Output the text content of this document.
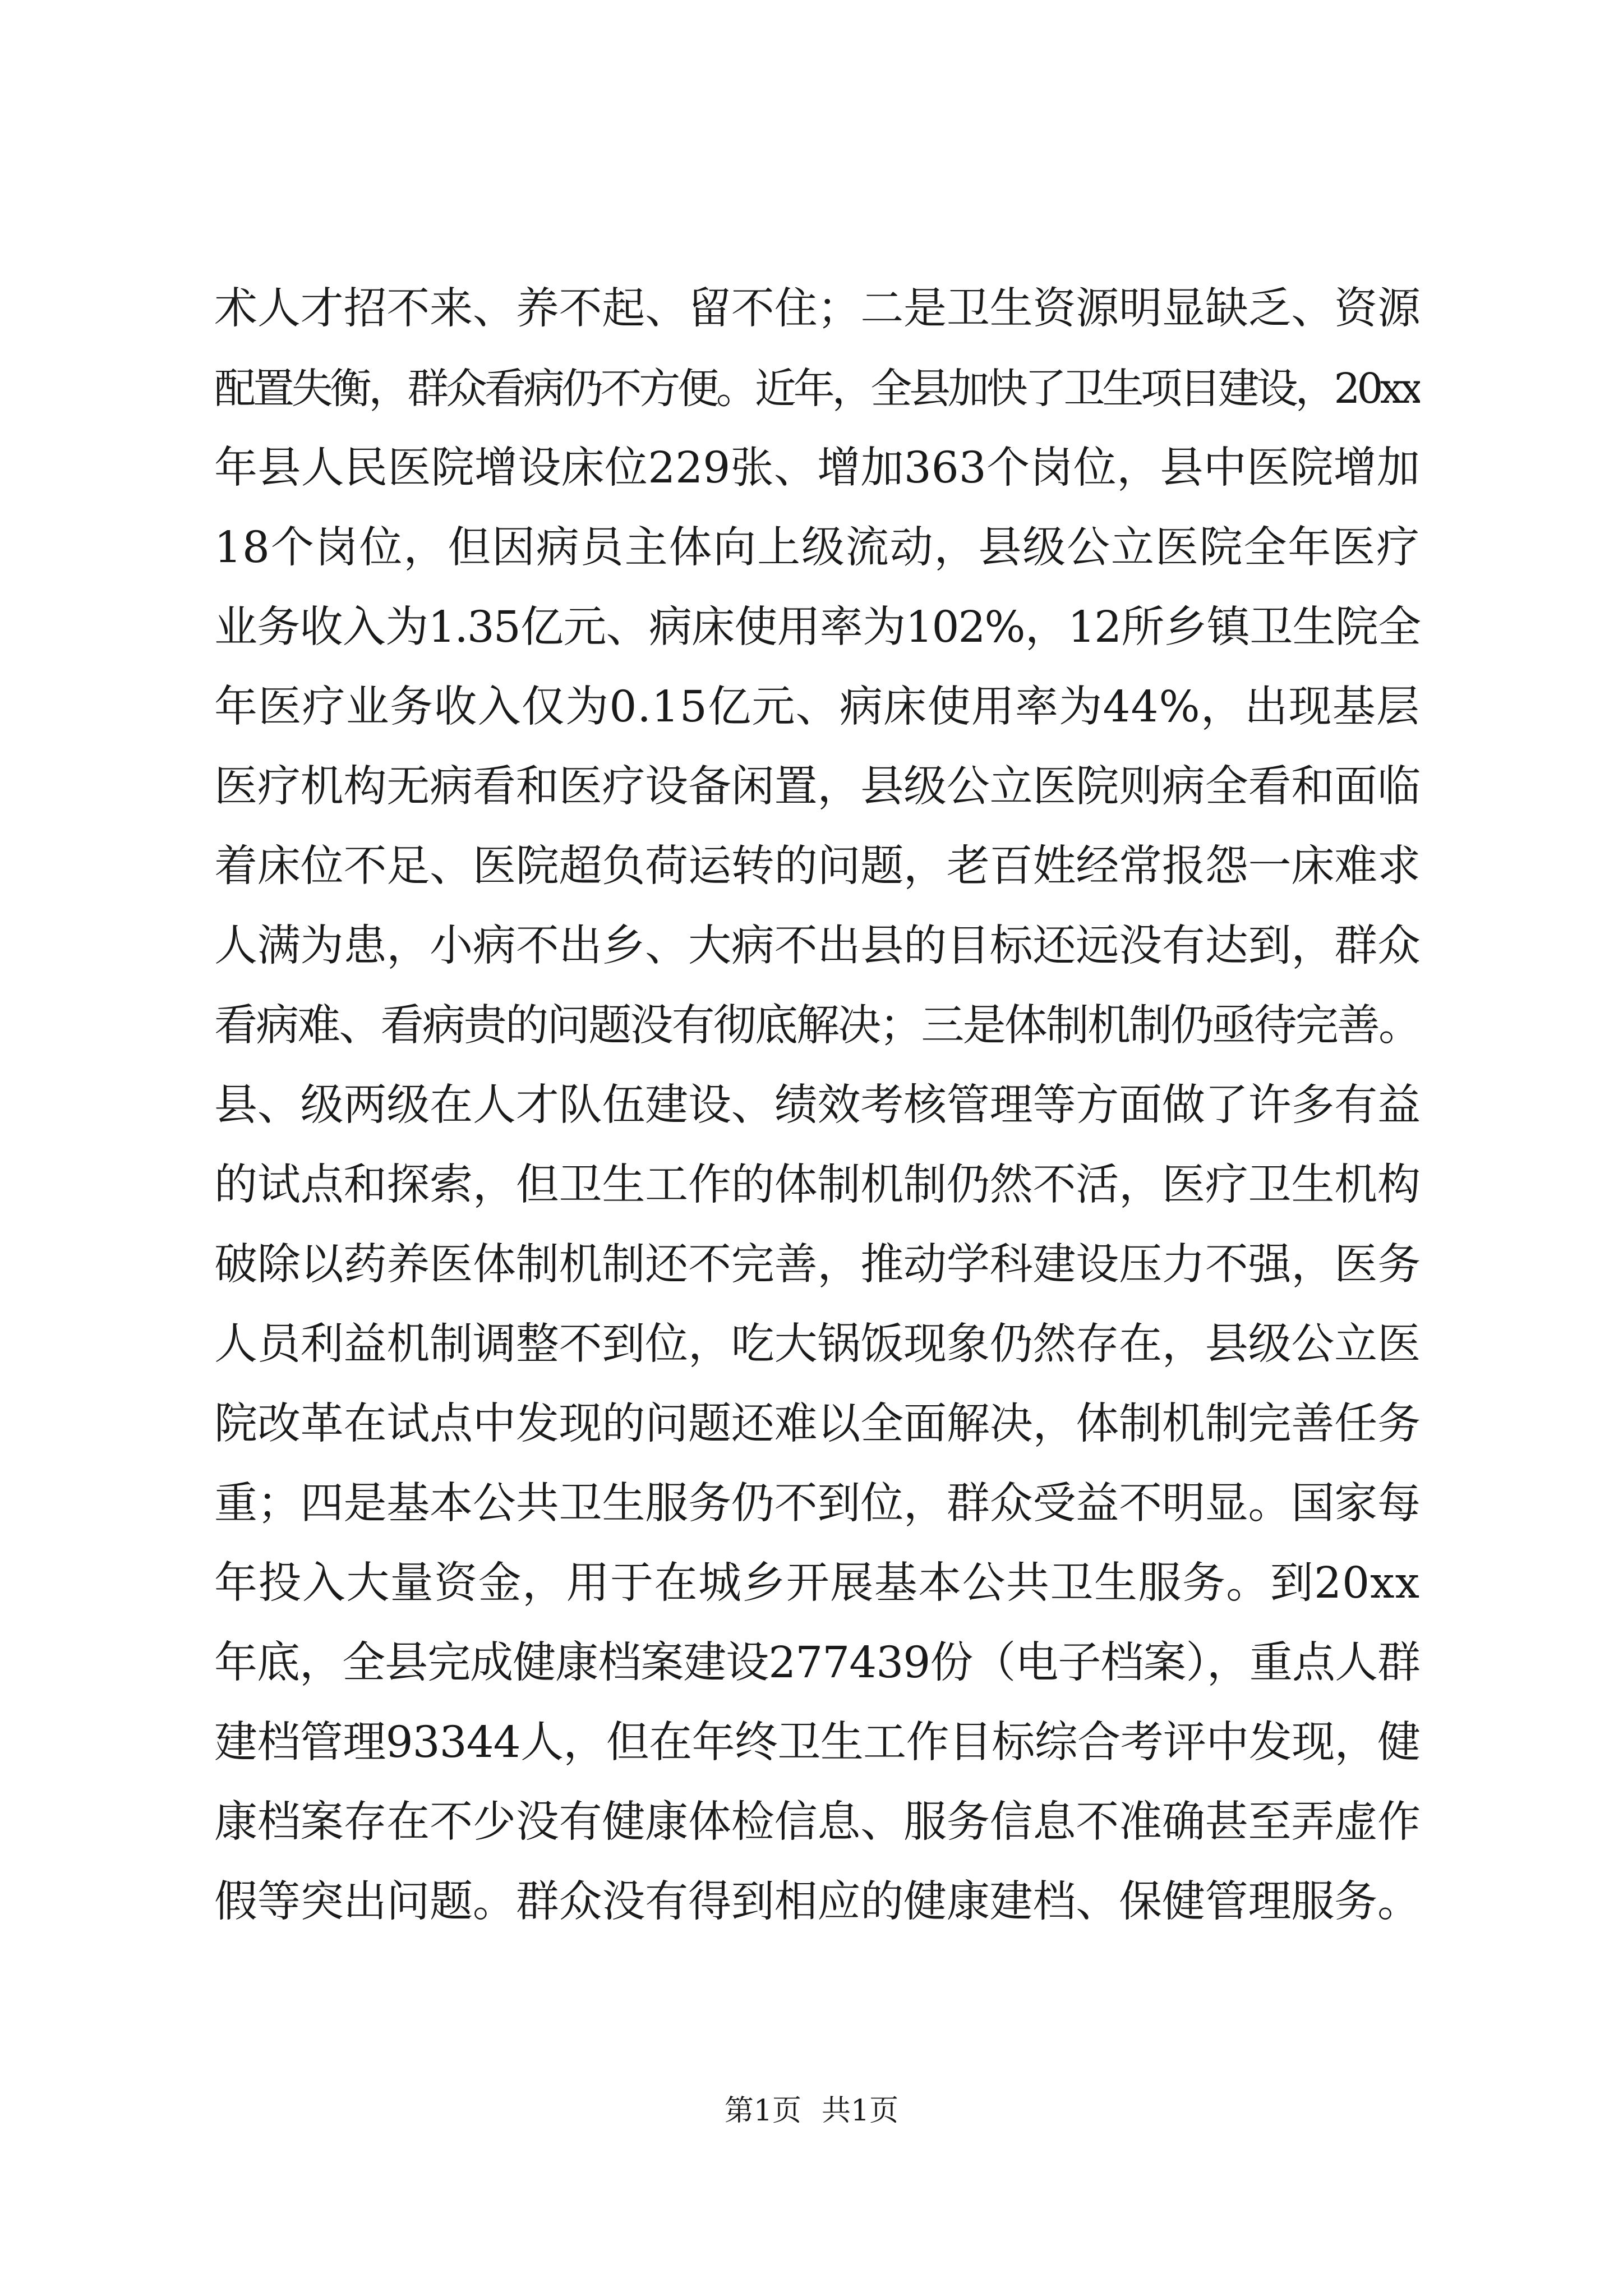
术人才招不来、养不起、留不住；二是卫生资源明显缺乏、资源
配置失衡，群众看病仍不方便。近年，全县加快了卫生项目建设，20xx
年县人民医院增设床位229张、增加363个岗位，县中医院增加
18个岗位，但因病员主体向上级流动，县级公立医院全年医疗
业务收入为1.35亿元、病床使用率为102%，12所乡镇卫生院全
年医疗业务收入仅为0.15亿元、病床使用率为44%，出现基层
医疗机构无病看和医疗设备闲置，县级公立医院则病全看和面临
着床位不足、医院超负荷运转的问题，老百姓经常报怨一床难求
人满为患，小病不出乡、大病不出县的目标还远没有达到，群众
看病难、看病贵的问题没有彻底解决；三是体制机制仍亟待完善。
县、级两级在人才队伍建设、绩效考核管理等方面做了许多有益
的试点和探索，但卫生工作的体制机制仍然不活，医疗卫生机构
破除以药养医体制机制还不完善，推动学科建设压力不强，医务
人员利益机制调整不到位，吃大锅饭现象仍然存在，县级公立医
院改革在试点中发现的问题还难以全面解决，体制机制完善任务
重；四是基本公共卫生服务仍不到位，群众受益不明显。国家每
年投入大量资金，用于在城乡开展基本公共卫生服务。到20xx
年底，全县完成健康档案建设277439份（电子档案），重点人群
建档管理93344人，但在年终卫生工作目标综合考评中发现，健
康档案存在不少没有健康体检信息、服务信息不准确甚至弄虚作
假等突出问题。群众没有得到相应的健康建档、保健管理服务。
第1页 共1页
